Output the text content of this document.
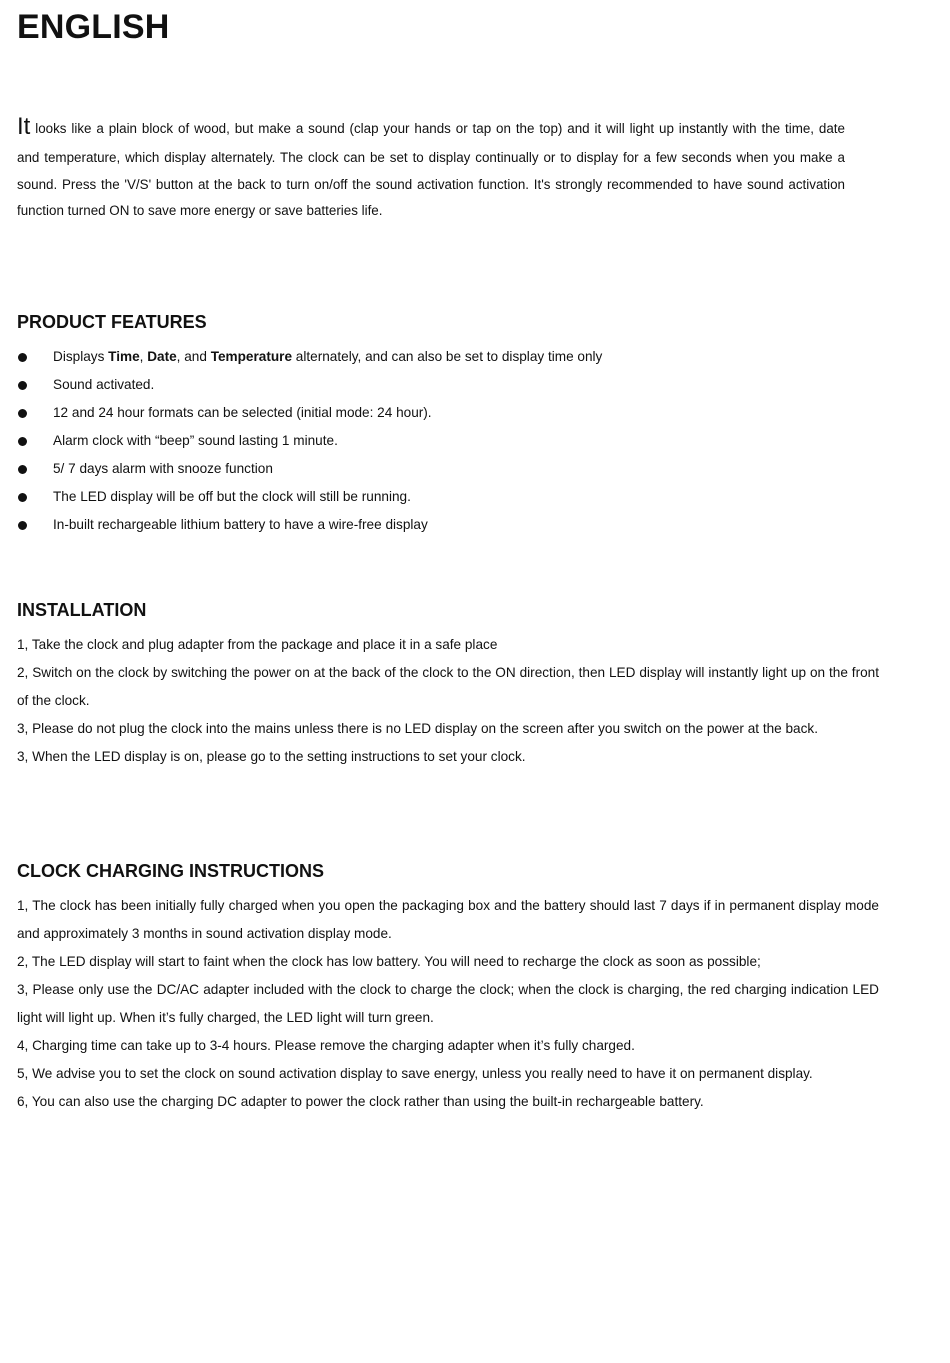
ENGLISH
It looks like a plain block of wood, but make a sound (clap your hands or tap on the top) and it will light up instantly with the time, date
and temperature, which display alternately. The clock can be set to display continually or to display for a few seconds when you make a sound. Press the 'V/S' button at the back to turn on/off the sound activation function. It's strongly recommended to have sound activation function turned ON to save more energy or save batteries life.
PRODUCT FEATURES
Displays Time, Date, and Temperature alternately, and can also be set to display time only
Sound activated.
12 and 24 hour formats can be selected (initial mode: 24 hour).
Alarm clock with “beep” sound lasting 1 minute.
5/ 7 days alarm with snooze function
The LED display will be off but the clock will still be running.
In-built rechargeable lithium battery to have a wire-free display
INSTALLATION

1, Take the clock and plug adapter from the package and place it in a safe place

2, Switch on the clock by switching the power on at the back of the clock to the ON direction, then LED display will instantly light up on the front of the clock.

3, Please do not plug the clock into the mains unless there is no LED display on the screen after you switch on the power at the back.

3, When the LED display is on, please go to the setting instructions to set your clock.

CLOCK CHARGING INSTRUCTIONS

1, The clock has been initially fully charged when you open the packaging box and the battery should last 7 days if in permanent display mode and approximately 3 months in sound activation display mode.

2, The LED display will start to faint when the clock has low battery. You will need to recharge the clock as soon as possible;

3, Please only use the DC/AC adapter included with the clock to charge the clock; when the clock is charging, the red charging indication LED light will light up. When it’s fully charged, the LED light will turn green.

4, Charging time can take up to 3-4 hours. Please remove the charging adapter when it’s fully charged.

5, We advise you to set the clock on sound activation display to save energy, unless you really need to have it on permanent display.

6, You can also use the charging DC adapter to power the clock rather than using the built-in rechargeable battery.
